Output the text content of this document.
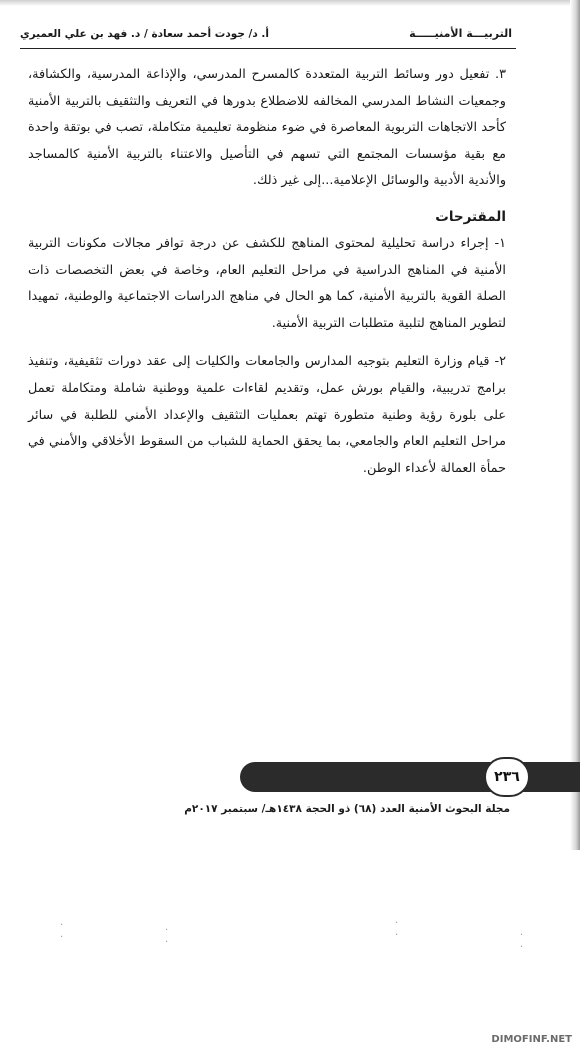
التربيـــة الأمنيـــــة
أ. د/ جودت أحمد سعادة / د. فهد بن علي العميري

٣. تفعيل دور وسائط التربية المتعددة كالمسرح المدرسي، والإذاعة المدرسية، والكشافة، وجمعيات النشاط المدرسي المخالفه للاضطلاع بدورها في التعريف والتثقيف بالتربية الأمنية كأحد الاتجاهات التربوية المعاصرة في ضوء منظومة تعليمية متكاملة، تصب في بوتقة واحدة مع بقية مؤسسات المجتمع التي تسهم في التأصيل والاعتناء بالتربية الأمنية كالمساجد والأندية الأدبية والوسائل الإعلامية...إلى غير ذلك.

المقترحات

١- إجراء دراسة تحليلية لمحتوى المناهج للكشف عن درجة توافر مجالات مكونات التربية الأمنية في المناهج الدراسية في مراحل التعليم العام، وخاصة في بعض التخصصات ذات الصلة القوية بالتربية الأمنية، كما هو الحال في مناهج الدراسات الاجتماعية والوطنية، تمهيدا لتطوير المناهج لتلبية متطلبات التربية الأمنية.

٢- قيام وزارة التعليم بتوجيه المدارس والجامعات والكليات إلى عقد دورات تثقيفية، وتنفيذ برامج تدريبية، والقيام بورش عمل، وتقديم لقاءات علمية ووطنية شاملة ومتكاملة تعمل على بلورة رؤية وطنية متطورة تهتم بعمليات التثقيف والإعداد الأمني للطلبة في سائر مراحل التعليم العام والجامعي، بما يحقق الحماية للشباب من السقوط الأخلاقي والأمني في حمأة العمالة لأعداء الوطن.

٢٣٦
مجلة البحوث الأمنية العدد (٦٨) ذو الحجة ١٤٣٨هـ/ سبتمبر ٢٠١٧م
·
·
·
·
·
·	·
·
DIMOFINF.NET
